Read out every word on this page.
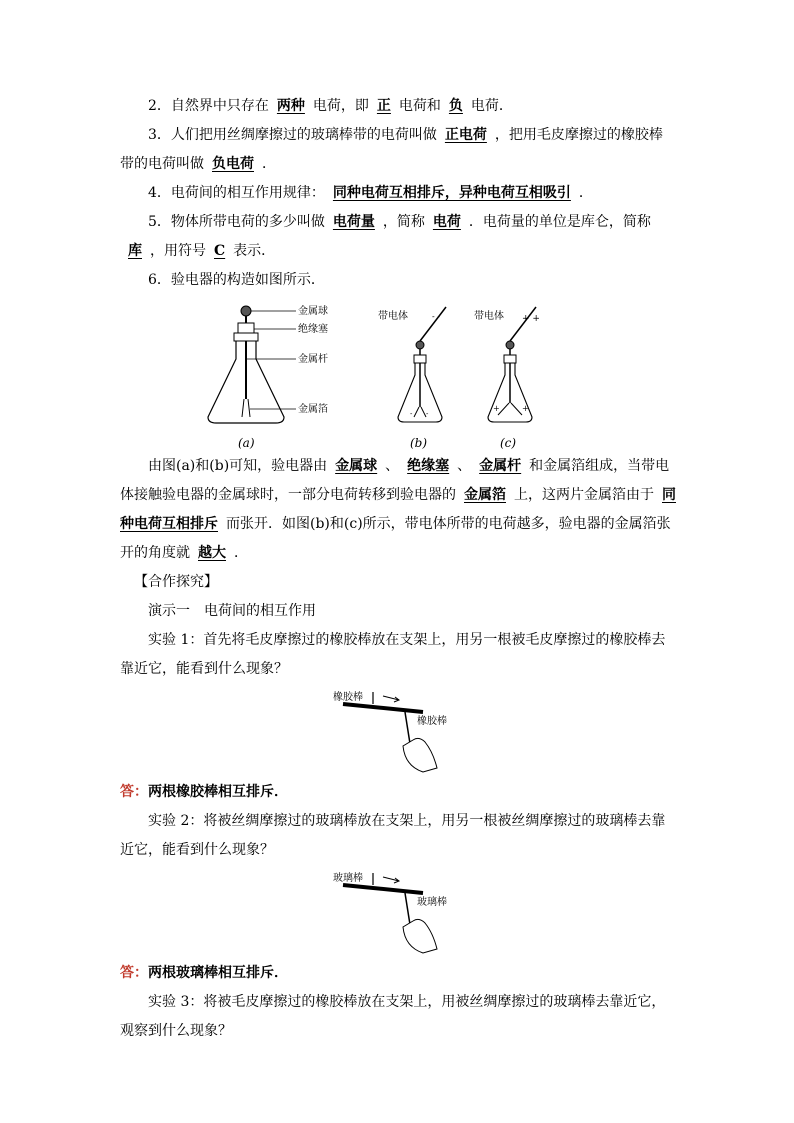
2．自然界中只存在 两种 电荷，即 正 电荷和 负 电荷．

3．人们把用丝绸摩擦过的玻璃棒带的电荷叫做 正电荷 ，把用毛皮摩擦过的橡胶棒带的电荷叫做 负电荷 ．

4．电荷间的相互作用规律： 同种电荷互相排斥，异种电荷互相吸引 ．

5．物体所带电荷的多少叫做 电荷量 ，简称 电荷 ．电荷量的单位是库仑，简称库 ，用符号 C 表示．

6．验电器的构造如图所示．

金属球
绝缘塞
金属杆
金属箔
带电体	- -
- -
带电体 + +
+	+
(a)	(b)	(c)

由图(a)和(b)可知，验电器由 金属球 、 绝缘塞 、 金属杆 和金属箔组成，当带电体接触验电器的金属球时，一部分电荷转移到验电器的 金属箔 上，这两片金属箔由于 同种电荷互相排斥 而张开．如图(b)和(c)所示，带电体所带的电荷越多，验电器的金属箔张开的角度就 越大 ．

【合作探究】

演示一　电荷间的相互作用

实验 1：首先将毛皮摩擦过的橡胶棒放在支架上，用另一根被毛皮摩擦过的橡胶棒去靠近它，能看到什么现象？

橡胶棒
橡胶棒

答：两根橡胶棒相互排斥．

实验 2：将被丝绸摩擦过的玻璃棒放在支架上，用另一根被丝绸摩擦过的玻璃棒去靠近它，能看到什么现象？

玻璃棒
玻璃棒

答：两根玻璃棒相互排斥．

实验 3：将被毛皮摩擦过的橡胶棒放在支架上，用被丝绸摩擦过的玻璃棒去靠近它，观察到什么现象？
